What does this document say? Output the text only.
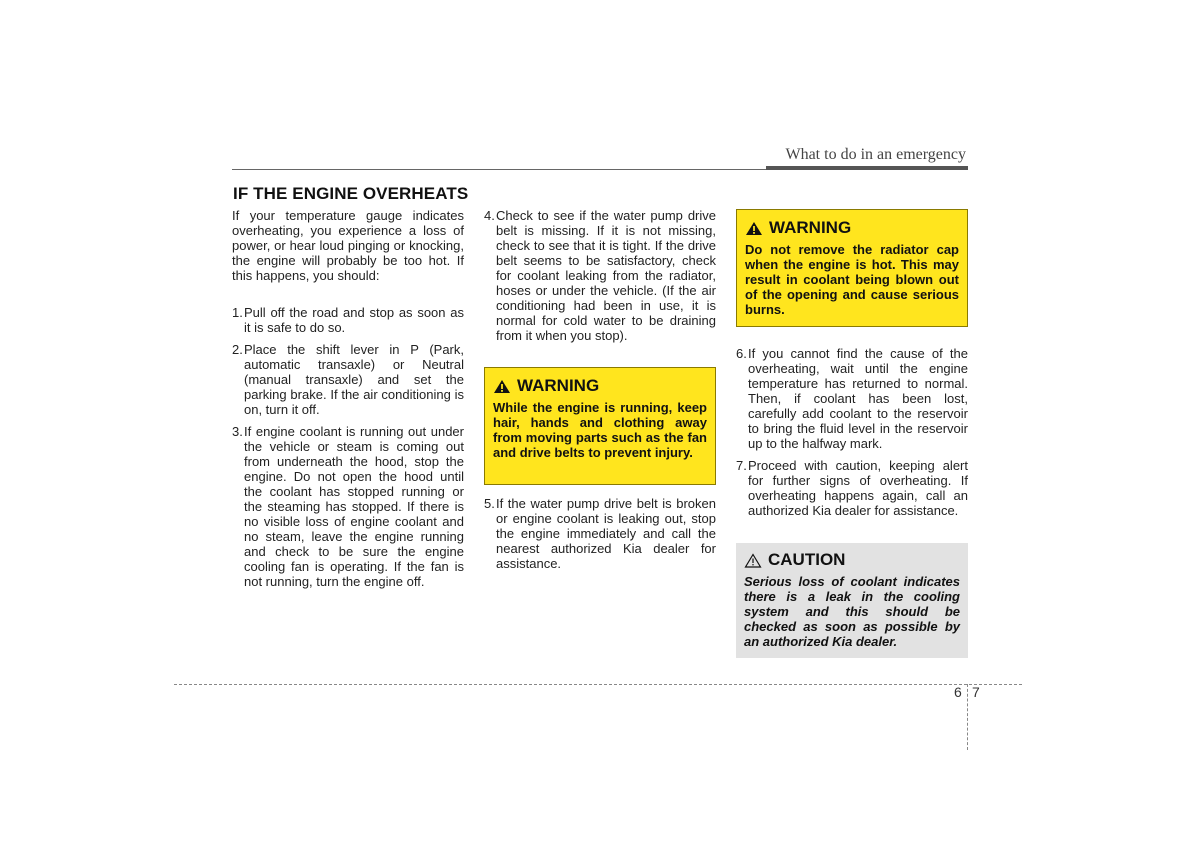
What to do in an emergency
IF THE ENGINE OVERHEATS

If your temperature gauge indicates overheating, you experience a loss of power, or hear loud pinging or knocking, the engine will probably be too hot. If this happens, you should:

1. Pull off the road and stop as soon as it is safe to do so.
2. Place the shift lever in P (Park, automatic transaxle) or Neutral (manual transaxle) and set the parking brake. If the air conditioning is on, turn it off.
3. If engine coolant is running out under the vehicle or steam is coming out from underneath the hood, stop the engine. Do not open the hood until the coolant has stopped running or the steaming has stopped. If there is no visible loss of engine coolant and no steam, leave the engine running and check to be sure the engine cooling fan is operating. If the fan is not running, turn the engine off.
4. Check to see if the water pump drive belt is missing. If it is not missing, check to see that it is tight. If the drive belt seems to be satisfactory, check for coolant leaking from the radiator, hoses or under the vehicle. (If the air conditioning had been in use, it is normal for cold water to be draining from it when you stop).
WARNING

While the engine is running, keep hair, hands and clothing away from moving parts such as the fan and drive belts to prevent injury.

5. If the water pump drive belt is broken or engine coolant is leaking out, stop the engine immediately and call the nearest authorized Kia dealer for assistance.
WARNING

Do not remove the radiator cap when the engine is hot. This may result in coolant being blown out of the opening and cause serious burns.

6. If you cannot find the cause of the overheating, wait until the engine temperature has returned to normal. Then, if coolant has been lost, carefully add coolant to the reservoir to bring the fluid level in the reservoir up to the halfway mark.
7. Proceed with caution, keeping alert for further signs of overheating. If overheating happens again, call an authorized Kia dealer for assistance.
CAUTION

Serious loss of coolant indicates there is a leak in the cooling system and this should be checked as soon as possible by an authorized Kia dealer.

6 7
